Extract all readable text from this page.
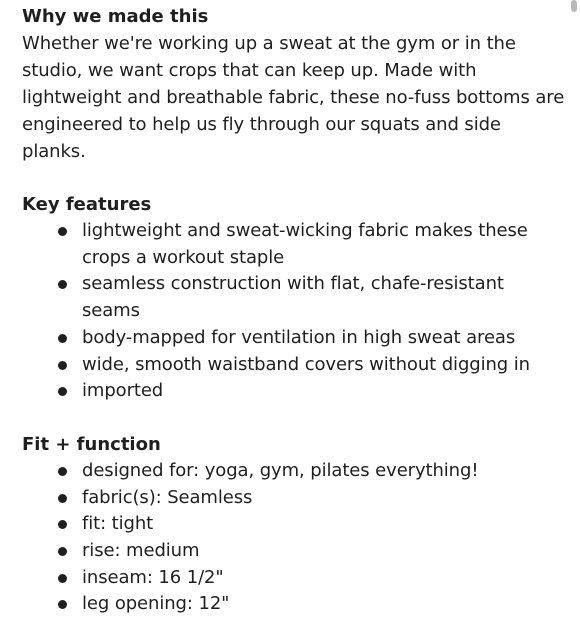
Why we made this

Whether we're working up a sweat at the gym or in the studio, we want crops that can keep up. Made with lightweight and breathable fabric, these no-fuss bottoms are engineered to help us fly through our squats and side planks.

Key features
lightweight and sweat-wicking fabric makes these crops a workout staple
seamless construction with flat, chafe-resistant seams
body-mapped for ventilation in high sweat areas
wide, smooth waistband covers without digging in
imported
Fit + function
designed for: yoga, gym, pilates everything!
fabric(s): Seamless
fit: tight
rise: medium
inseam: 16 1/2"
leg opening: 12"
